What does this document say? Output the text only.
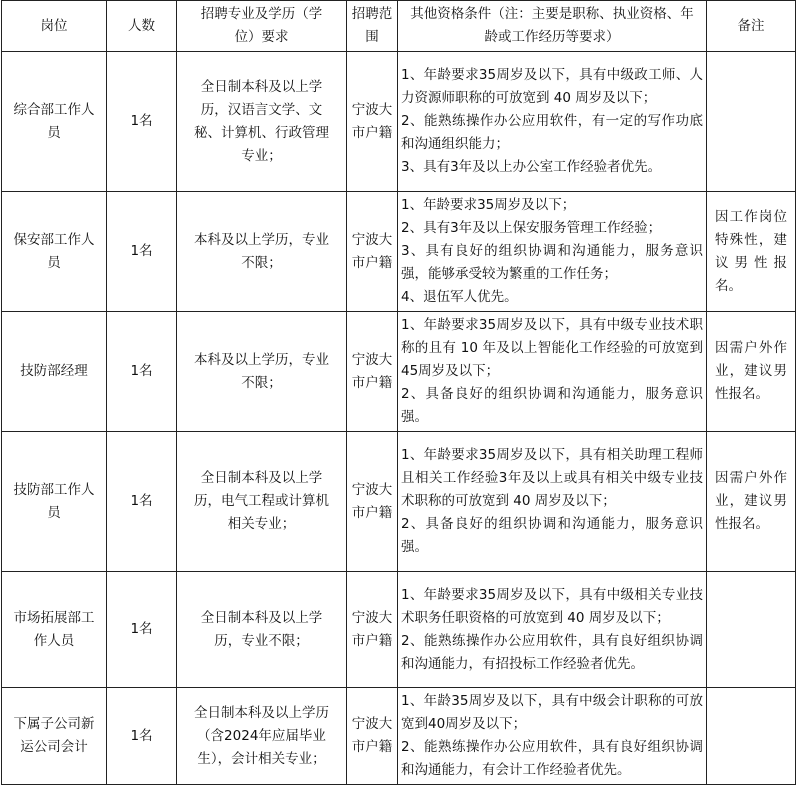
岗位	人数	招聘专业及学历（学位）要求	招聘范围	其他资格条件（注：主要是职称、执业资格、年龄或工作经历等要求）	备注
综合部工作人员	1名	全日制本科及以上学历，汉语言文学、文秘、计算机、行政管理专业；	宁波大市户籍	1、年龄要求35周岁及以下，具有中级政工师、人力资源师职称的可放宽到 40 周岁及以下；
2、能熟练操作办公应用软件，有一定的写作功底和沟通组织能力；
3、具有3年及以上办公室工作经验者优先。	

保安部工作人员	1名	本科及以上学历，专业不限；	宁波大市户籍	1、年龄要求35周岁及以下；
2、具有3年及以上保安服务管理工作经验；
3、具有良好的组织协调和沟通能力，服务意识强，能够承受较为繁重的工作任务；
4、退伍军人优先。	因工作岗位特殊性，建议男性报名。
技防部经理	1名	本科及以上学历，专业不限；	宁波大市户籍	1、年龄要求35周岁及以下，具有中级专业技术职称的且有 10 年及以上智能化工作经验的可放宽到45周岁及以下；
2、具备良好的组织协调和沟通能力，服务意识强。	因需户外作业，建议男性报名。
技防部工作人员	1名	全日制本科及以上学历，电气工程或计算机相关专业；	宁波大市户籍	1、年龄要求35周岁及以下，具有相关助理工程师且相关工作经验3年及以上或具有相关中级专业技术职称的可放宽到 40 周岁及以下；
2、具备良好的组织协调和沟通能力，服务意识强。	因需户外作业，建议男性报名。
市场拓展部工作人员	1名	全日制本科及以上学历，专业不限；	宁波大市户籍	1、年龄要求35周岁及以下，具有中级相关专业技术职务任职资格的可放宽到 40 周岁及以下；
2、能熟练操作办公应用软件，具有良好组织协调和沟通能力，有招投标工作经验者优先。	

下属子公司新运公司会计	1名	全日制本科及以上学历（含2024年应届毕业生），会计相关专业；	宁波大市户籍	1、年龄35周岁及以下，具有中级会计职称的可放宽到40周岁及以下；
2、能熟练操作办公应用软件，具有良好组织协调和沟通能力，有会计工作经验者优先。	
